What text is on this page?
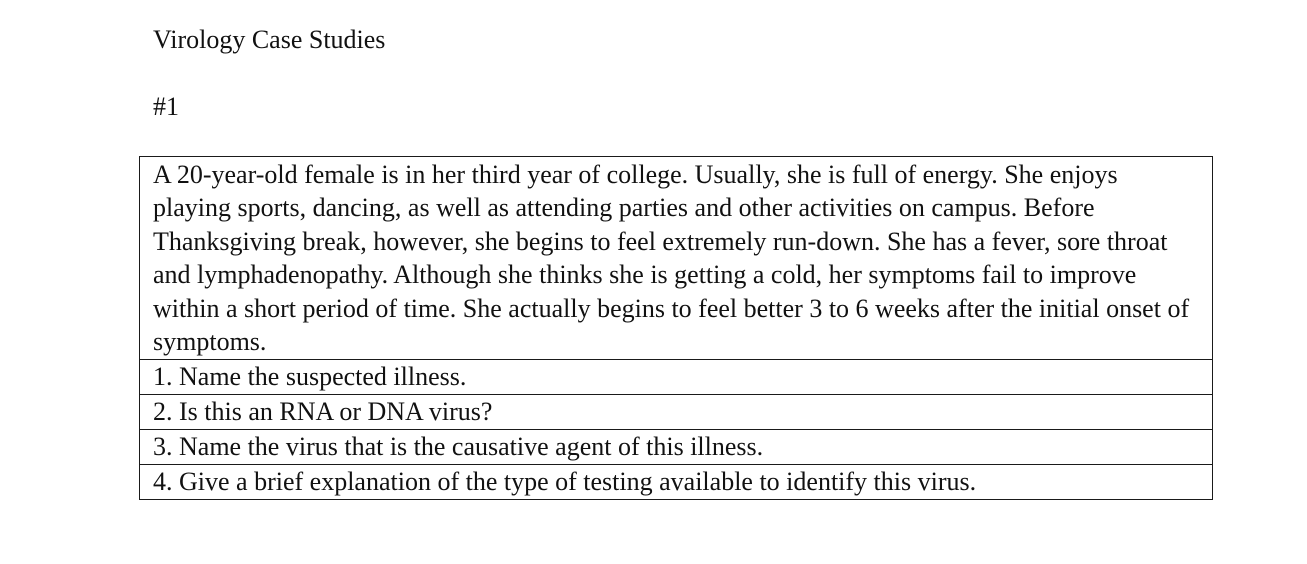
Virology Case Studies
#1
A 20-year-old female is in her third year of college. Usually, she is full of energy. She enjoys playing sports, dancing, as well as attending parties and other activities on campus. Before Thanksgiving break, however, she begins to feel extremely run-down. She has a fever, sore throat and lymphadenopathy. Although she thinks she is getting a cold, her symptoms fail to improve within a short period of time. She actually begins to feel better 3 to 6 weeks after the initial onset of symptoms.
1. Name the suspected illness.
2. Is this an RNA or DNA virus?
3. Name the virus that is the causative agent of this illness.
4. Give a brief explanation of the type of testing available to identify this virus.
